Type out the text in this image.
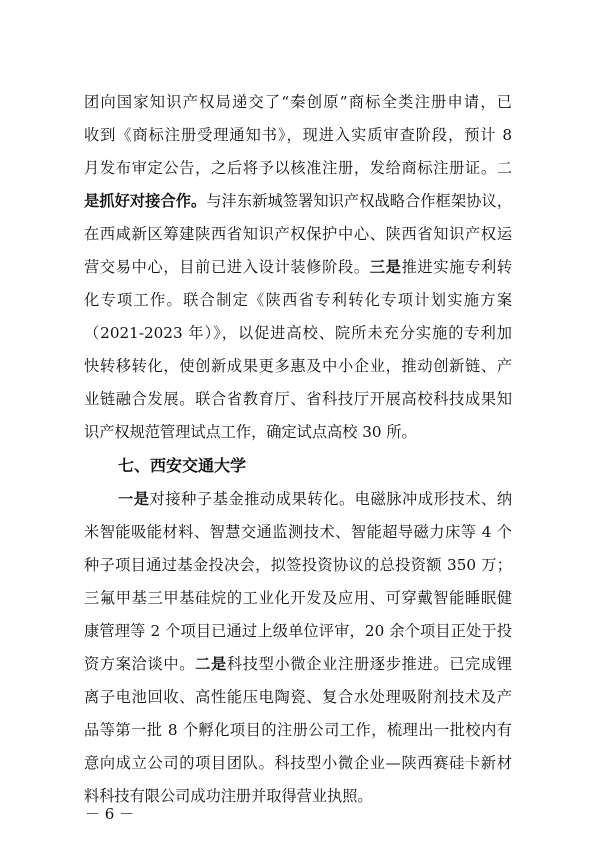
团向国家知识产权局递交了“秦创原”商标全类注册申请，已
收到《商标注册受理通知书》，现进入实质审查阶段，预计 8
月发布审定公告，之后将予以核准注册，发给商标注册证。二
是抓好对接合作。与沣东新城签署知识产权战略合作框架协议，
在西咸新区筹建陕西省知识产权保护中心、陕西省知识产权运
营交易中心，目前已进入设计装修阶段。三是推进实施专利转
化专项工作。联合制定《陕西省专利转化专项计划实施方案
（2021-2023 年）》，以促进高校、院所未充分实施的专利加
快转移转化，使创新成果更多惠及中小企业，推动创新链、产
业链融合发展。联合省教育厅、省科技厅开展高校科技成果知
识产权规范管理试点工作，确定试点高校 30 所。
七、西安交通大学
一是对接种子基金推动成果转化。电磁脉冲成形技术、纳
米智能吸能材料、智慧交通监测技术、智能超导磁力床等 4 个
种子项目通过基金投决会，拟签投资协议的总投资额 350 万；
三氟甲基三甲基硅烷的工业化开发及应用、可穿戴智能睡眠健
康管理等 2 个项目已通过上级单位评审，20 余个项目正处于投
资方案洽谈中。二是科技型小微企业注册逐步推进。已完成锂
离子电池回收、高性能压电陶瓷、复合水处理吸附剂技术及产
品等第一批 8 个孵化项目的注册公司工作，梳理出一批校内有
意向成立公司的项目团队。科技型小微企业—陕西赛硅卡新材
料科技有限公司成功注册并取得营业执照。
－ 6 －
